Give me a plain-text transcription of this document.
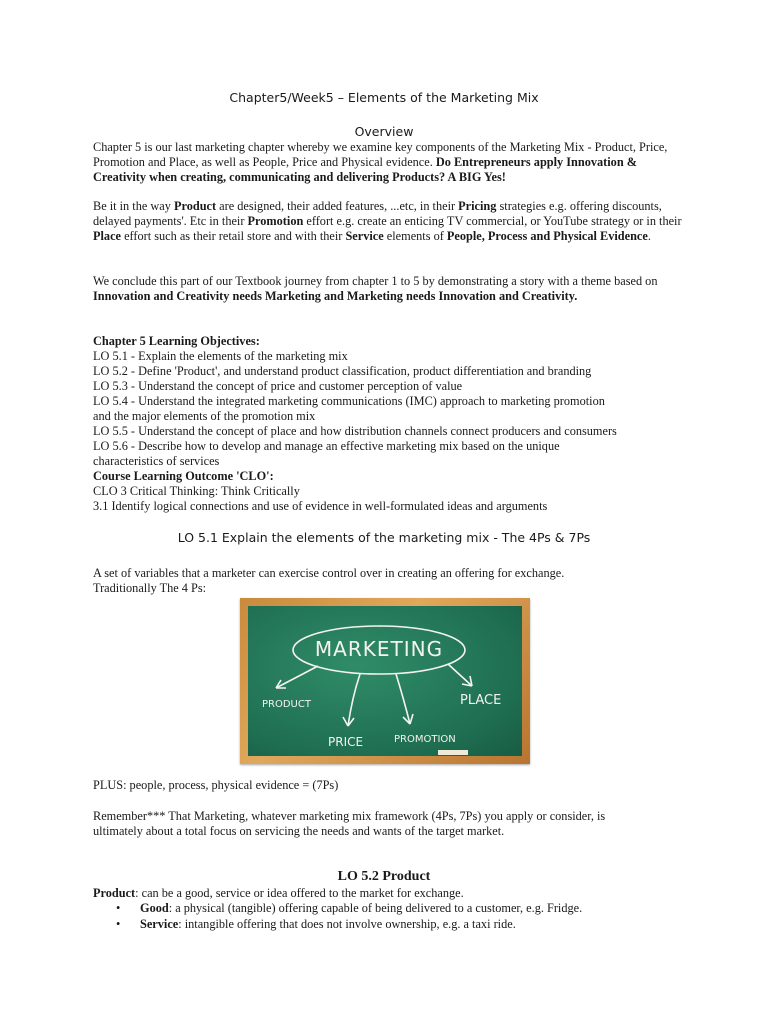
Chapter5/Week5 – Elements of the Marketing Mix
Overview

Chapter 5 is our last marketing chapter whereby we examine key components of the Marketing Mix - Product, Price, Promotion and Place, as well as People, Price and Physical evidence. Do Entrepreneurs apply Innovation & Creativity when creating, communicating and delivering Products? A BIG Yes!

Be it in the way Product are designed, their added features, ...etc, in their Pricing strategies e.g. offering discounts, delayed payments'. Etc in their Promotion effort e.g. create an enticing TV commercial, or YouTube strategy or in their Place effort such as their retail store and with their Service elements of People, Process and Physical Evidence.

We conclude this part of our Textbook journey from chapter 1 to 5 by demonstrating a story with a theme based on Innovation and Creativity needs Marketing and Marketing needs Innovation and Creativity.

Chapter 5 Learning Objectives:
LO 5.1 - Explain the elements of the marketing mix
LO 5.2 - Define 'Product', and understand product classification, product differentiation and branding
LO 5.3 - Understand the concept of price and customer perception of value
LO 5.4 - Understand the integrated marketing communications (IMC) approach to marketing promotion
and the major elements of the promotion mix
LO 5.5 - Understand the concept of place and how distribution channels connect producers and consumers
LO 5.6 - Describe how to develop and manage an effective marketing mix based on the unique
characteristics of services
Course Learning Outcome 'CLO':
CLO 3 Critical Thinking: Think Critically
3.1 Identify logical connections and use of evidence in well-formulated ideas and arguments
LO 5.1 Explain the elements of the marketing mix - The 4Ps & 7Ps
A set of variables that a marketer can exercise control over in creating an offering for exchange.
Traditionally The 4 Ps:
MARKETING
PRODUCT	PLACE
PRICE	PROMOTION
PLUS: people, process, physical evidence = (7Ps)
Remember*** That Marketing, whatever marketing mix framework (4Ps, 7Ps) you apply or consider, is ultimately about a total focus on servicing the needs and wants of the target market.
LO 5.2 Product
Product: can be a good, service or idea offered to the market for exchange.
• Good: a physical (tangible) offering capable of being delivered to a customer, e.g. Fridge.
• Service: intangible offering that does not involve ownership, e.g. a taxi ride.
